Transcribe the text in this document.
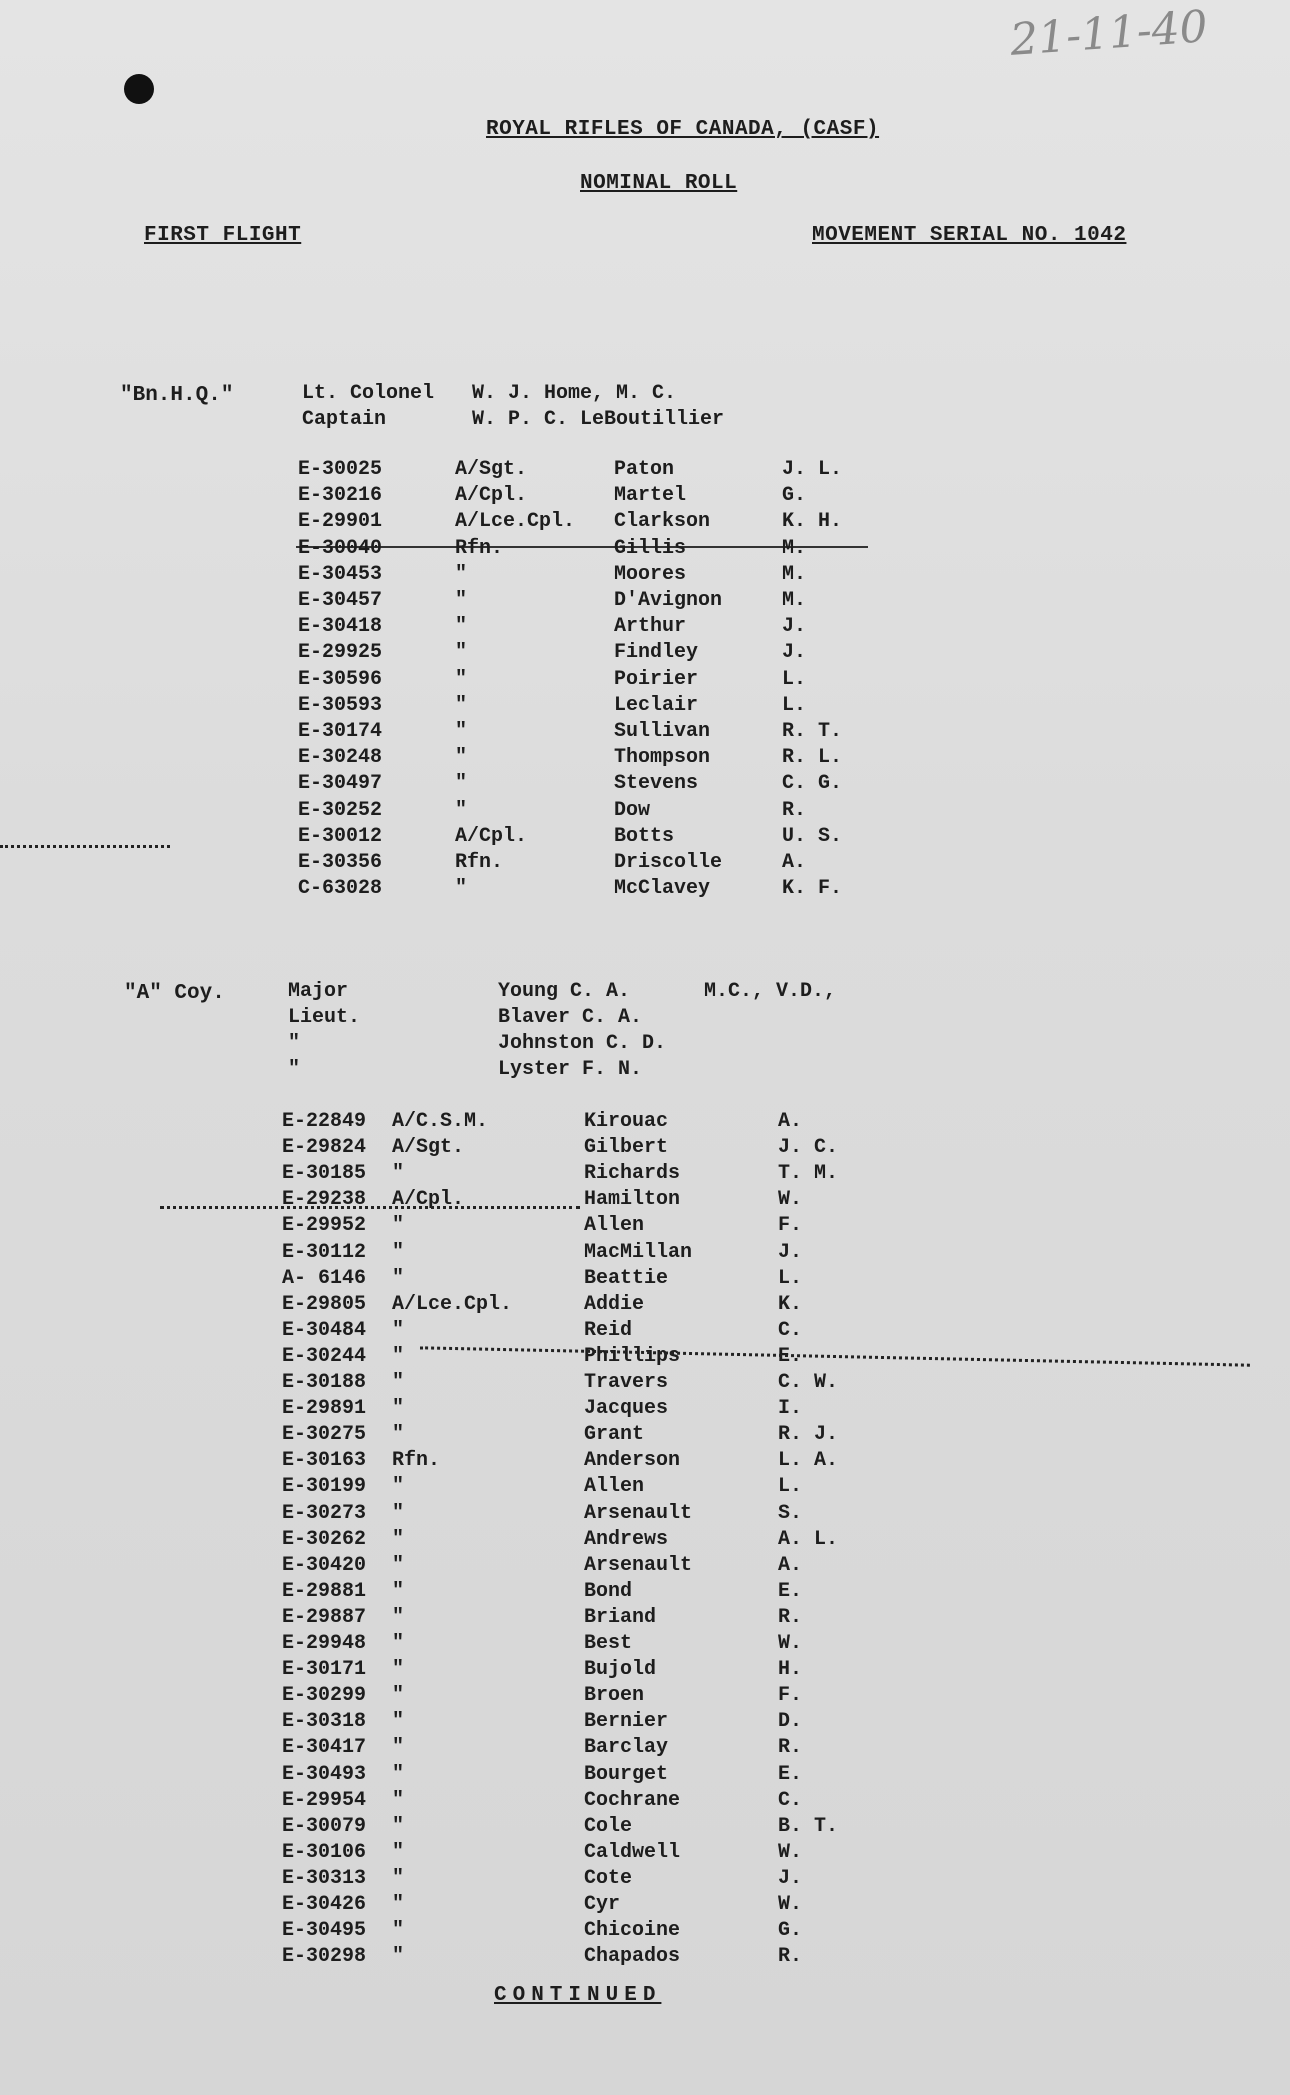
21-11-40
ROYAL RIFLES OF CANADA, (CASF)
NOMINAL ROLL
FIRST FLIGHT	MOVEMENT SERIAL NO. 1042
"Bn.H.Q."	Lt. Colonel W. J. Home, M. C.
Captain	W. P. C. LeBoutillier
E-30025	A/Sgt.	Paton	J. L.
E-30216	A/Cpl.	Martel	G.
E-29901	A/Lce.Cpl. Clarkson	K. H.
E-30040	Rfn.	Gillis	M.
E-30453	"	Moores	M.
E-30457	"	D'Avignon	M.
E-30418	"	Arthur	J.
E-29925	"	Findley	J.
E-30596	"	Poirier	L.
E-30593	"	Leclair	L.
E-30174	"	Sullivan	R. T.
E-30248	"	Thompson	R. L.
E-30497	"	Stevens	C. G.
E-30252	"	Dow	R.
E-30012	A/Cpl.	Botts	U. S.
E-30356	Rfn.	Driscolle	A.
C-63028	"	McClavey	K. F.
"A" Coy.	Major	Young C. A.	M.C., V.D.,
Lieut.	Blaver C. A.
"	Johnston C. D.
"	Lyster F. N.
E-22849 A/C.S.M.	Kirouac	A.
E-29824 A/Sgt.	Gilbert	J. C.
E-30185 "	Richards	T. M.
E-29238 A/Cpl.	Hamilton	W.
E-29952 "	Allen	F.
E-30112 "	MacMillan	J.
A- 6146 "	Beattie	L.
E-29805 A/Lce.Cpl.	Addie	K.
E-30484 "	Reid	C.
E-30244 "	Phillips	E.
E-30188 "	Travers	C. W.
E-29891 "	Jacques	I.
E-30275 "	Grant	R. J.
E-30163 Rfn.	Anderson	L. A.
E-30199 "	Allen	L.
E-30273 "	Arsenault	S.
E-30262 "	Andrews	A. L.
E-30420 "	Arsenault	A.
E-29881 "	Bond	E.
E-29887 "	Briand	R.
E-29948 "	Best	W.
E-30171 "	Bujold	H.
E-30299 "	Broen	F.
E-30318 "	Bernier	D.
E-30417 "	Barclay	R.
E-30493 "	Bourget	E.
E-29954 "	Cochrane	C.
E-30079 "	Cole	B. T.
E-30106 "	Caldwell	W.
E-30313 "	Cote	J.
E-30426 "	Cyr	W.
E-30495 "	Chicoine	G.
E-30298 "	Chapados	R.
CONTINUED
